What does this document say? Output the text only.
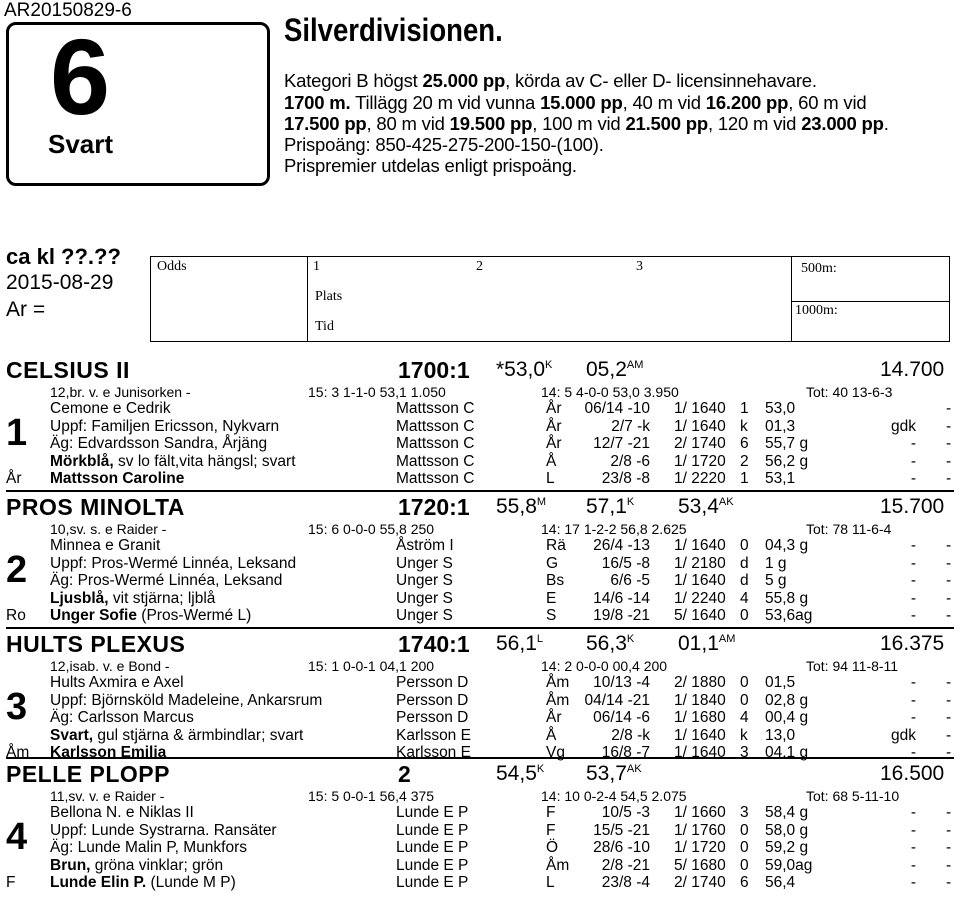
AR20150829-6
6
Svart
Silverdivisionen.
Kategori B högst 25.000 pp, körda av C- eller D- licensinnehavare.
1700 m. Tillägg 20 m vid vunna 15.000 pp, 40 m vid 16.200 pp, 60 m vid
17.500 pp, 80 m vid 19.500 pp, 100 m vid 21.500 pp, 120 m vid 23.000 pp.
Prispoäng: 850-425-275-200-150-(100).
Prispremier utdelas enligt prispoäng.
ca kl ??.??
2015-08-29
Ar =
Odds	1	2	3
Plats
Tid
500m:
1000m:
CELSIUS II	1700:1 $*53,0^K$ $05,2^{AM}$	14.700
12,br. v. e Junisorken -	15: 3 1-1-0 53,1 1.050	14: 5 4-0-0 53,0 3.950	Tot: 40 13-6-3
Cemone e Cedrik	Mattsson C	År 06/14 -10 1/ 1640 1 53,0	-
Uppf: Familjen Ericsson, Nykvarn	Mattsson C	År	2/7 -k 1/ 1640 k 01,3	gdk -
Äg: Edvardsson Sandra, Årjäng	Mattsson C	År	12/7 -21 2/ 1740 6 55,7 g	- -
Mörkblå, sv lo fält,vita hängsl; svart	Mattsson C	Å	2/8 -6 1/ 1720 2 56,2 g	- -
Mattsson Caroline	Mattsson C	L	23/8 -8 1/ 2220 1 53,1	- -
1
År
PROS MINOLTA	1720:1 $55,8^M$ $57,1^K$ $53,4^{AK}$	15.700
10,sv. s. e Raider -	15: 6 0-0-0 55,8 250	14: 17 1-2-2 56,8 2.625	Tot: 78 11-6-4
Minnea e Granit	Åström I	Rä	26/4 -13 1/ 1640 0 04,3 g	- -
Uppf: Pros-Wermé Linnéa, Leksand	Unger S	G	16/5 -8 1/ 2180 d 1 g	- -
Äg: Pros-Wermé Linnéa, Leksand	Unger S	Bs	6/6 -5 1/ 1640 d 5 g	- -
Ljusblå, vit stjärna; ljblå	Unger S	E	14/6 -14 1/ 2240 4 55,8 g	- -
Unger Sofie (Pros-Wermé L)	Unger S	S	19/8 -21 5/ 1640 0 53,6ag	- -
2
Ro
HULTS PLEXUS	1740:1 $56,1^L$ $56,3^K$ $01,1^{AM}$	16.375
12,isab. v. e Bond -	15: 1 0-0-1 04,1 200	14: 2 0-0-0 00,4 200	Tot: 94 11-8-11
Hults Axmira e Axel	Persson D	Åm	10/13 -4 2/ 1880 0 01,5	- -
Uppf: Björnsköld Madeleine, Ankarsrum	Persson D	Åm 04/14 -21 1/ 1840 0 02,8 g	- -
Äg: Carlsson Marcus	Persson D	År	06/14 -6 1/ 1680 4 00,4 g	- -
Svart, gul stjärna & ärmbindlar; svart	Karlsson E	Å	2/8 -k 1/ 1640 k 13,0	gdk -
Karlsson Emilia	Karlsson E	Vg	16/8 -7 1/ 1640 3 04,1 g	- -
3
Åm
PELLE PLOPP	2	$54,5^K$ $53,7^{AK}$	16.500
11,sv. v. e Raider -	15: 5 0-0-1 56,4 375	14: 10 0-2-4 54,5 2.075	Tot: 68 5-11-10
Bellona N. e Niklas II	Lunde E P	F	10/5 -3 1/ 1660 3 58,4 g	- -
Uppf: Lunde Systrarna. Ransäter	Lunde E P	F	15/5 -21 1/ 1760 0 58,0 g	- -
Äg: Lunde Malin P, Munkfors	Lunde E P	Ö	28/6 -10 1/ 1720 0 59,2 g	- -
Brun, gröna vinklar; grön	Lunde E P	Åm	2/8 -21 5/ 1680 0 59,0ag	- -
Lunde Elin P. (Lunde M P)	Lunde E P	L	23/8 -4 2/ 1740 6 56,4	- -
4
F
